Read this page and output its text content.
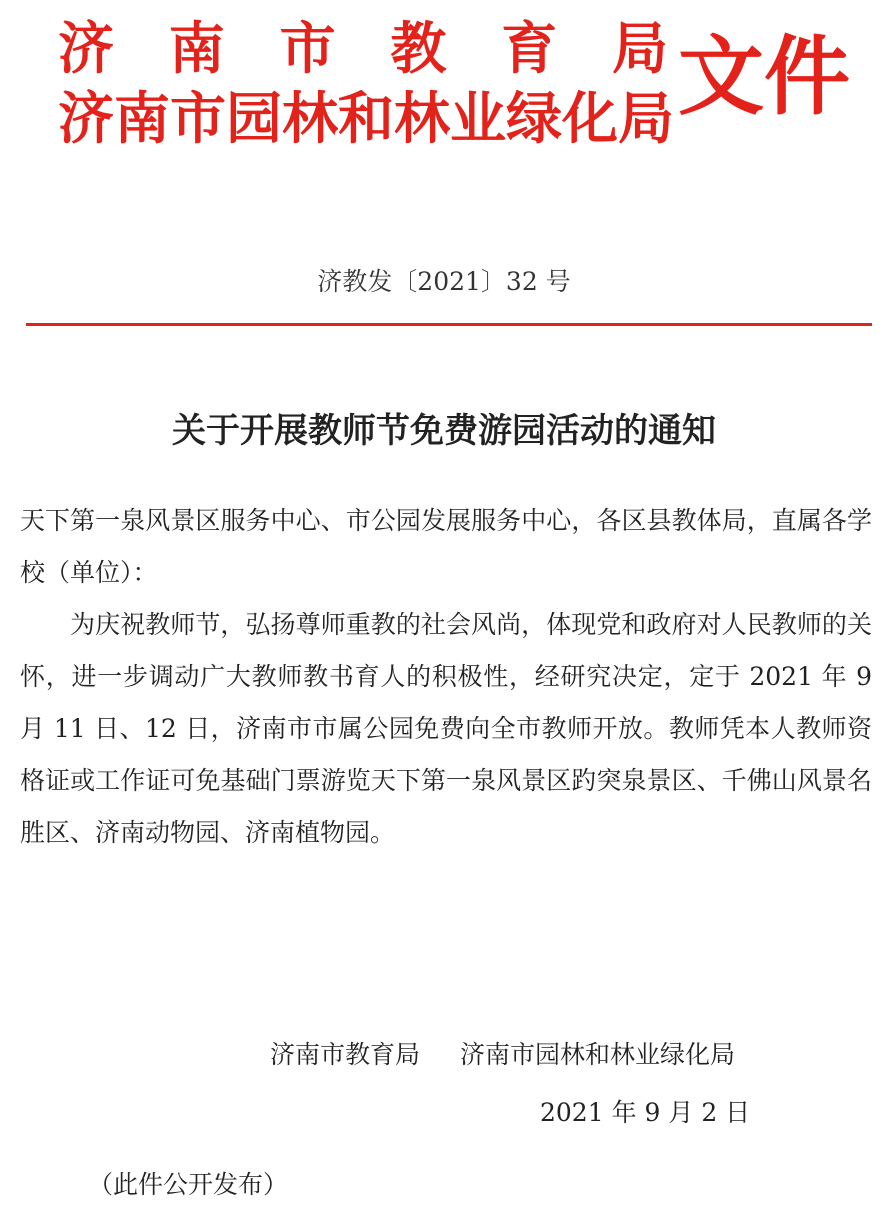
济 南 市 教 育 局
济南市园林和林业绿化局 文件
济教发〔2021〕32 号
关于开展教师节免费游园活动的通知

天下第一泉风景区服务中心、市公园发展服务中心，各区县教体局，直属各学校（单位）：

为庆祝教师节，弘扬尊师重教的社会风尚，体现党和政府对人民教师的关怀，进一步调动广大教师教书育人的积极性，经研究决定，定于 2021 年 9 月 11 日、12 日，济南市市属公园免费向全市教师开放。教师凭本人教师资格证或工作证可免基础门票游览天下第一泉风景区趵突泉景区、千佛山风景名胜区、济南动物园、济南植物园。

济南市教育局 济南市园林和林业绿化局
2021 年 9 月 2 日
（此件公开发布）
